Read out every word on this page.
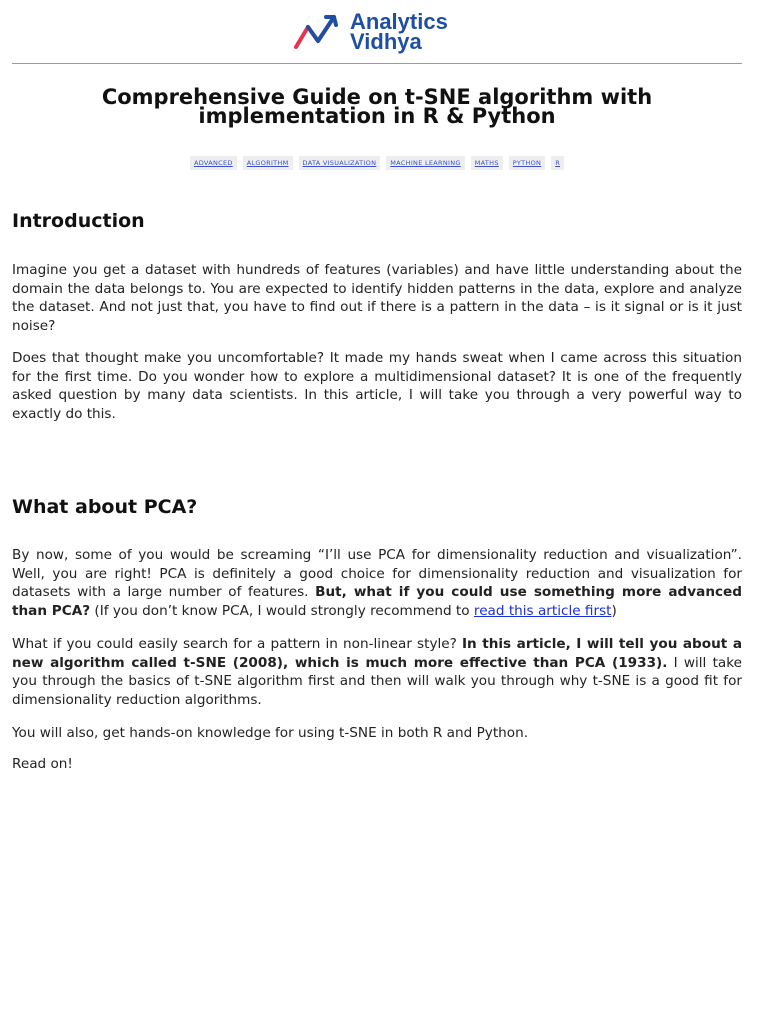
Analytics
Vidhya
Comprehensive Guide on t-SNE algorithm with implementation in R & Python
ADVANCED	ALGORITHM	DATA VISUALIZATION	MACHINE LEARNING	MATHS	PYTHON	R
Introduction

Imagine you get a dataset with hundreds of features (variables) and have little understanding about the domain the data belongs to. You are expected to identify hidden patterns in the data, explore and analyze the dataset. And not just that, you have to find out if there is a pattern in the data – is it signal or is it just noise?

Does that thought make you uncomfortable? It made my hands sweat when I came across this situation for the first time. Do you wonder how to explore a multidimensional dataset? It is one of the frequently asked question by many data scientists. In this article, I will take you through a very powerful way to exactly do this.

What about PCA?

By now, some of you would be screaming “I’ll use PCA for dimensionality reduction and visualization”. Well, you are right! PCA is definitely a good choice for dimensionality reduction and visualization for datasets with a large number of features. But, what if you could use something more advanced than PCA? (If you don’t know PCA, I would strongly recommend to read this article first)

What if you could easily search for a pattern in non-linear style? In this article, I will tell you about a new algorithm called t-SNE (2008), which is much more effective than PCA (1933). I will take you through the basics of t-SNE algorithm first and then will walk you through why t-SNE is a good fit for dimensionality reduction algorithms.

You will also, get hands-on knowledge for using t-SNE in both R and Python.

Read on!
